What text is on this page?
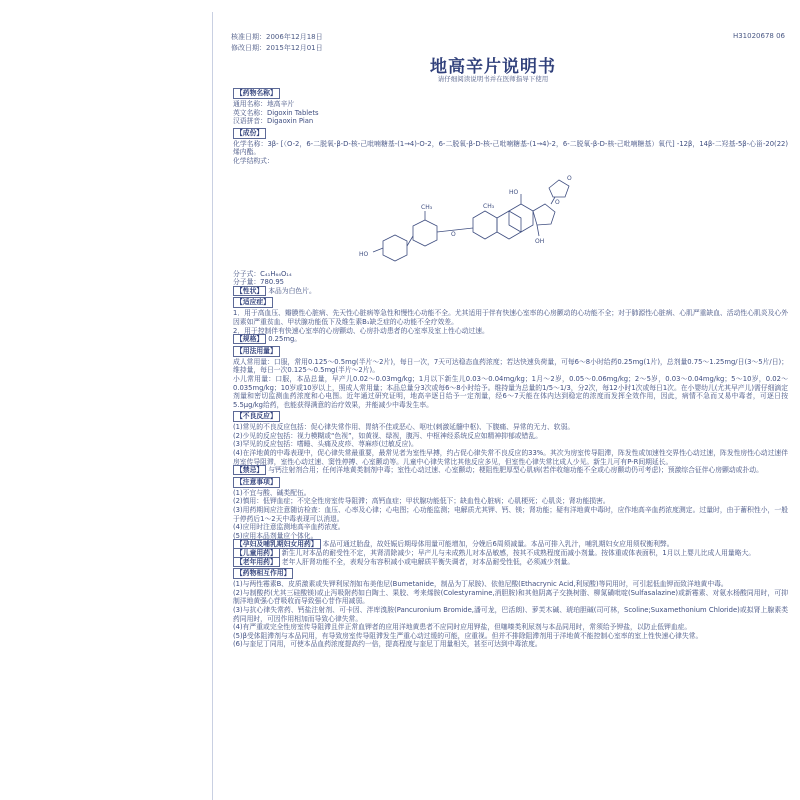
核准日期：2006年12月18日
修改日期：2015年12月01日
H31020678 06
地高辛片说明书
请仔细阅读说明书并在医师指导下使用
【药物名称】

通用名称：地高辛片

英文名称：Digoxin Tablets

汉语拼音：Digaoxin Pian

【成份】

化学名称：3β- [（O-2，6-二脱氧-β-D-核-己吡喃糖基-(1→4)-O-2，6-二脱氧-β-D-核-己吡喃糖基-(1→4)-2，6-二脱氧-β-D-核-己吡喃糖基）氧代] -12β，14β-二羟基-5β-心甾-20(22)烯内酯。

化学结构式：

O
O
HO
OH
CH₃
HO
O
CH₃

分子式：C₄₁H₆₄O₁₄

分子量：780.95

【性状】 本品为白色片。

【适应症】

1．用于高血压、瓣膜性心脏病、先天性心脏病等急性和慢性心功能不全。尤其适用于伴有快速心室率的心房颤动的心功能不全；对于肺源性心脏病、心肌严重缺血、活动性心肌炎及心外因素如严重贫血、甲状腺功能低下及维生素B₁缺乏症的心功能不全疗效差。

2．用于控制伴有快速心室率的心房颤动、心房扑动患者的心室率及室上性心动过速。

【规格】 0.25mg。

【用法用量】

成人常用量：口服，常用0.125～0.5mg(半片～2片)，每日一次，7天可达稳态血药浓度；若达快速负荷量，可每6～8小时给药0.25mg(1片)，总剂量0.75～1.25mg/日(3～5片/日)；维持量，每日一次0.125～0.5mg(半片～2片)。

小儿常用量：口服，本品总量，早产儿0.02～0.03mg/kg；1月以下新生儿0.03～0.04mg/kg；1月～2岁，0.05～0.06mg/kg；2～5岁，0.03～0.04mg/kg；5～10岁，0.02～0.035mg/kg；10岁或10岁以上，照成人常用量；本品总量分3次或每6～8小时给予。维持量为总量的1/5～1/3，分2次，每12小时1次或每日1次。在小婴幼儿(尤其早产儿)需仔细滴定剂量和密切监测血药浓度和心电图。近年通过研究证明，地高辛逐日给予一定剂量，经6～7天能在体内达到稳定的浓度而发挥全效作用，因此，病情不急而又易中毒者，可逐日按5.5μg/kg给药，也能获得满意的治疗效果，并能减少中毒发生率。

【不良反应】

(1)常见的不良反应包括：促心律失常作用、胃纳不佳或恶心、呕吐(刺激延髓中枢)、下腹痛、异常的无力、软弱。

(2)少见的反应包括：视力模糊或“色视”，如黄视、绿视，腹泻、中枢神经系统反应如精神抑郁或错乱。

(3)罕见的反应包括：嗜睡、头痛及皮疹、荨麻疹(过敏反应)。

(4)在洋地黄的中毒表现中，促心律失常最重要，最常见者为室性早搏，约占促心律失常不良反应的33%。其次为房室传导阻滞，阵发性或加速性交界性心动过速，阵发性房性心动过速伴房室传导阻滞，室性心动过速、窦性停搏、心室颤动等。儿童中心律失常比其他反应多见，但室性心律失常比成人少见。新生儿可有P-R间期延长。

【禁忌】 与钙注射剂合用；任何洋地黄类制剂中毒；室性心动过速、心室颤动；梗阻性肥厚型心肌病(若伴收缩功能不全或心房颤动仍可考虑)；预激综合征伴心房颤动或扑动。

【注意事项】

(1)不宜与酸、碱类配伍。

(2)慎用：低钾血症；不完全性房室传导阻滞；高钙血症；甲状腺功能低下；缺血性心脏病；心肌梗死；心肌炎；肾功能损害。

(3)用药期间应注意随访检查：血压、心率及心律；心电图；心功能监测；电解质尤其钾、钙、镁；肾功能；疑有洋地黄中毒时，应作地高辛血药浓度测定。过量时，由于蓄积性小，一般于停药后1～2天中毒表现可以消退。

(4)应用时注意监测地高辛血药浓度。

(5)应用本品剂量应个体化。

【孕妇及哺乳期妇女用药】 本品可通过胎盘，故妊娠后期母体用量可能增加，分娩后6周须减量。本品可排入乳汁，哺乳期妇女应用须权衡利弊。

【儿童用药】 新生儿对本品的耐受性不定，其肾清除减少；早产儿与未成熟儿对本品敏感，按其不成熟程度而减小剂量。按体重或体表面积，1月以上婴儿比成人用量略大。

【老年用药】 老年人肝肾功能不全，表观分布容积减小或电解质平衡失调者，对本品耐受性低，必须减少剂量。

【药物相互作用】

(1)与两性霉素B、皮质激素或失钾利尿剂如布美他尼(Bumetanide，制品为丁尿胺)、依他尼酸(Ethacrynic Acid,利尿酸)等同用时，可引起低血钾而致洋地黄中毒。

(2)与制酸药(尤其三硅酸镁)或止泻吸附药如白陶土、果胶、考来烯胺(Colestyramine,消胆胺)和其他阴离子交换树脂、柳氮磺吡啶(Sulfasalazine)或新霉素、对氨水杨酸同用时，可抑制洋地黄强心苷吸收而导致强心苷作用减弱。

(3)与抗心律失常药、钙盐注射剂、可卡因、泮库溴胺(Pancuronium Bromide,潘可龙，巴活朗)、萝芙木碱、琥珀胆碱(司可林，Scoline;Suxamethonium Chloride)或拟肾上腺素类药同用时，可因作用相加而导致心律失常。

(4)有严重或完全性房室传导阻滞且伴正常血钾者的应用洋地黄患者不应同时应用钾盐，但噻嗪类利尿剂与本品同用时，常须给予钾盐，以防止低钾血症。

(5)β受体阻滞剂与本品同用，有导致房室传导阻滞发生严重心动过缓的可能，应重视。但并不排除阻滞剂用于洋地黄不能控制心室率的室上性快速心律失常。

(6)与奎尼丁同用，可使本品血药浓度提高约一倍，提高程度与奎尼丁用量相关，甚至可达到中毒浓度。
